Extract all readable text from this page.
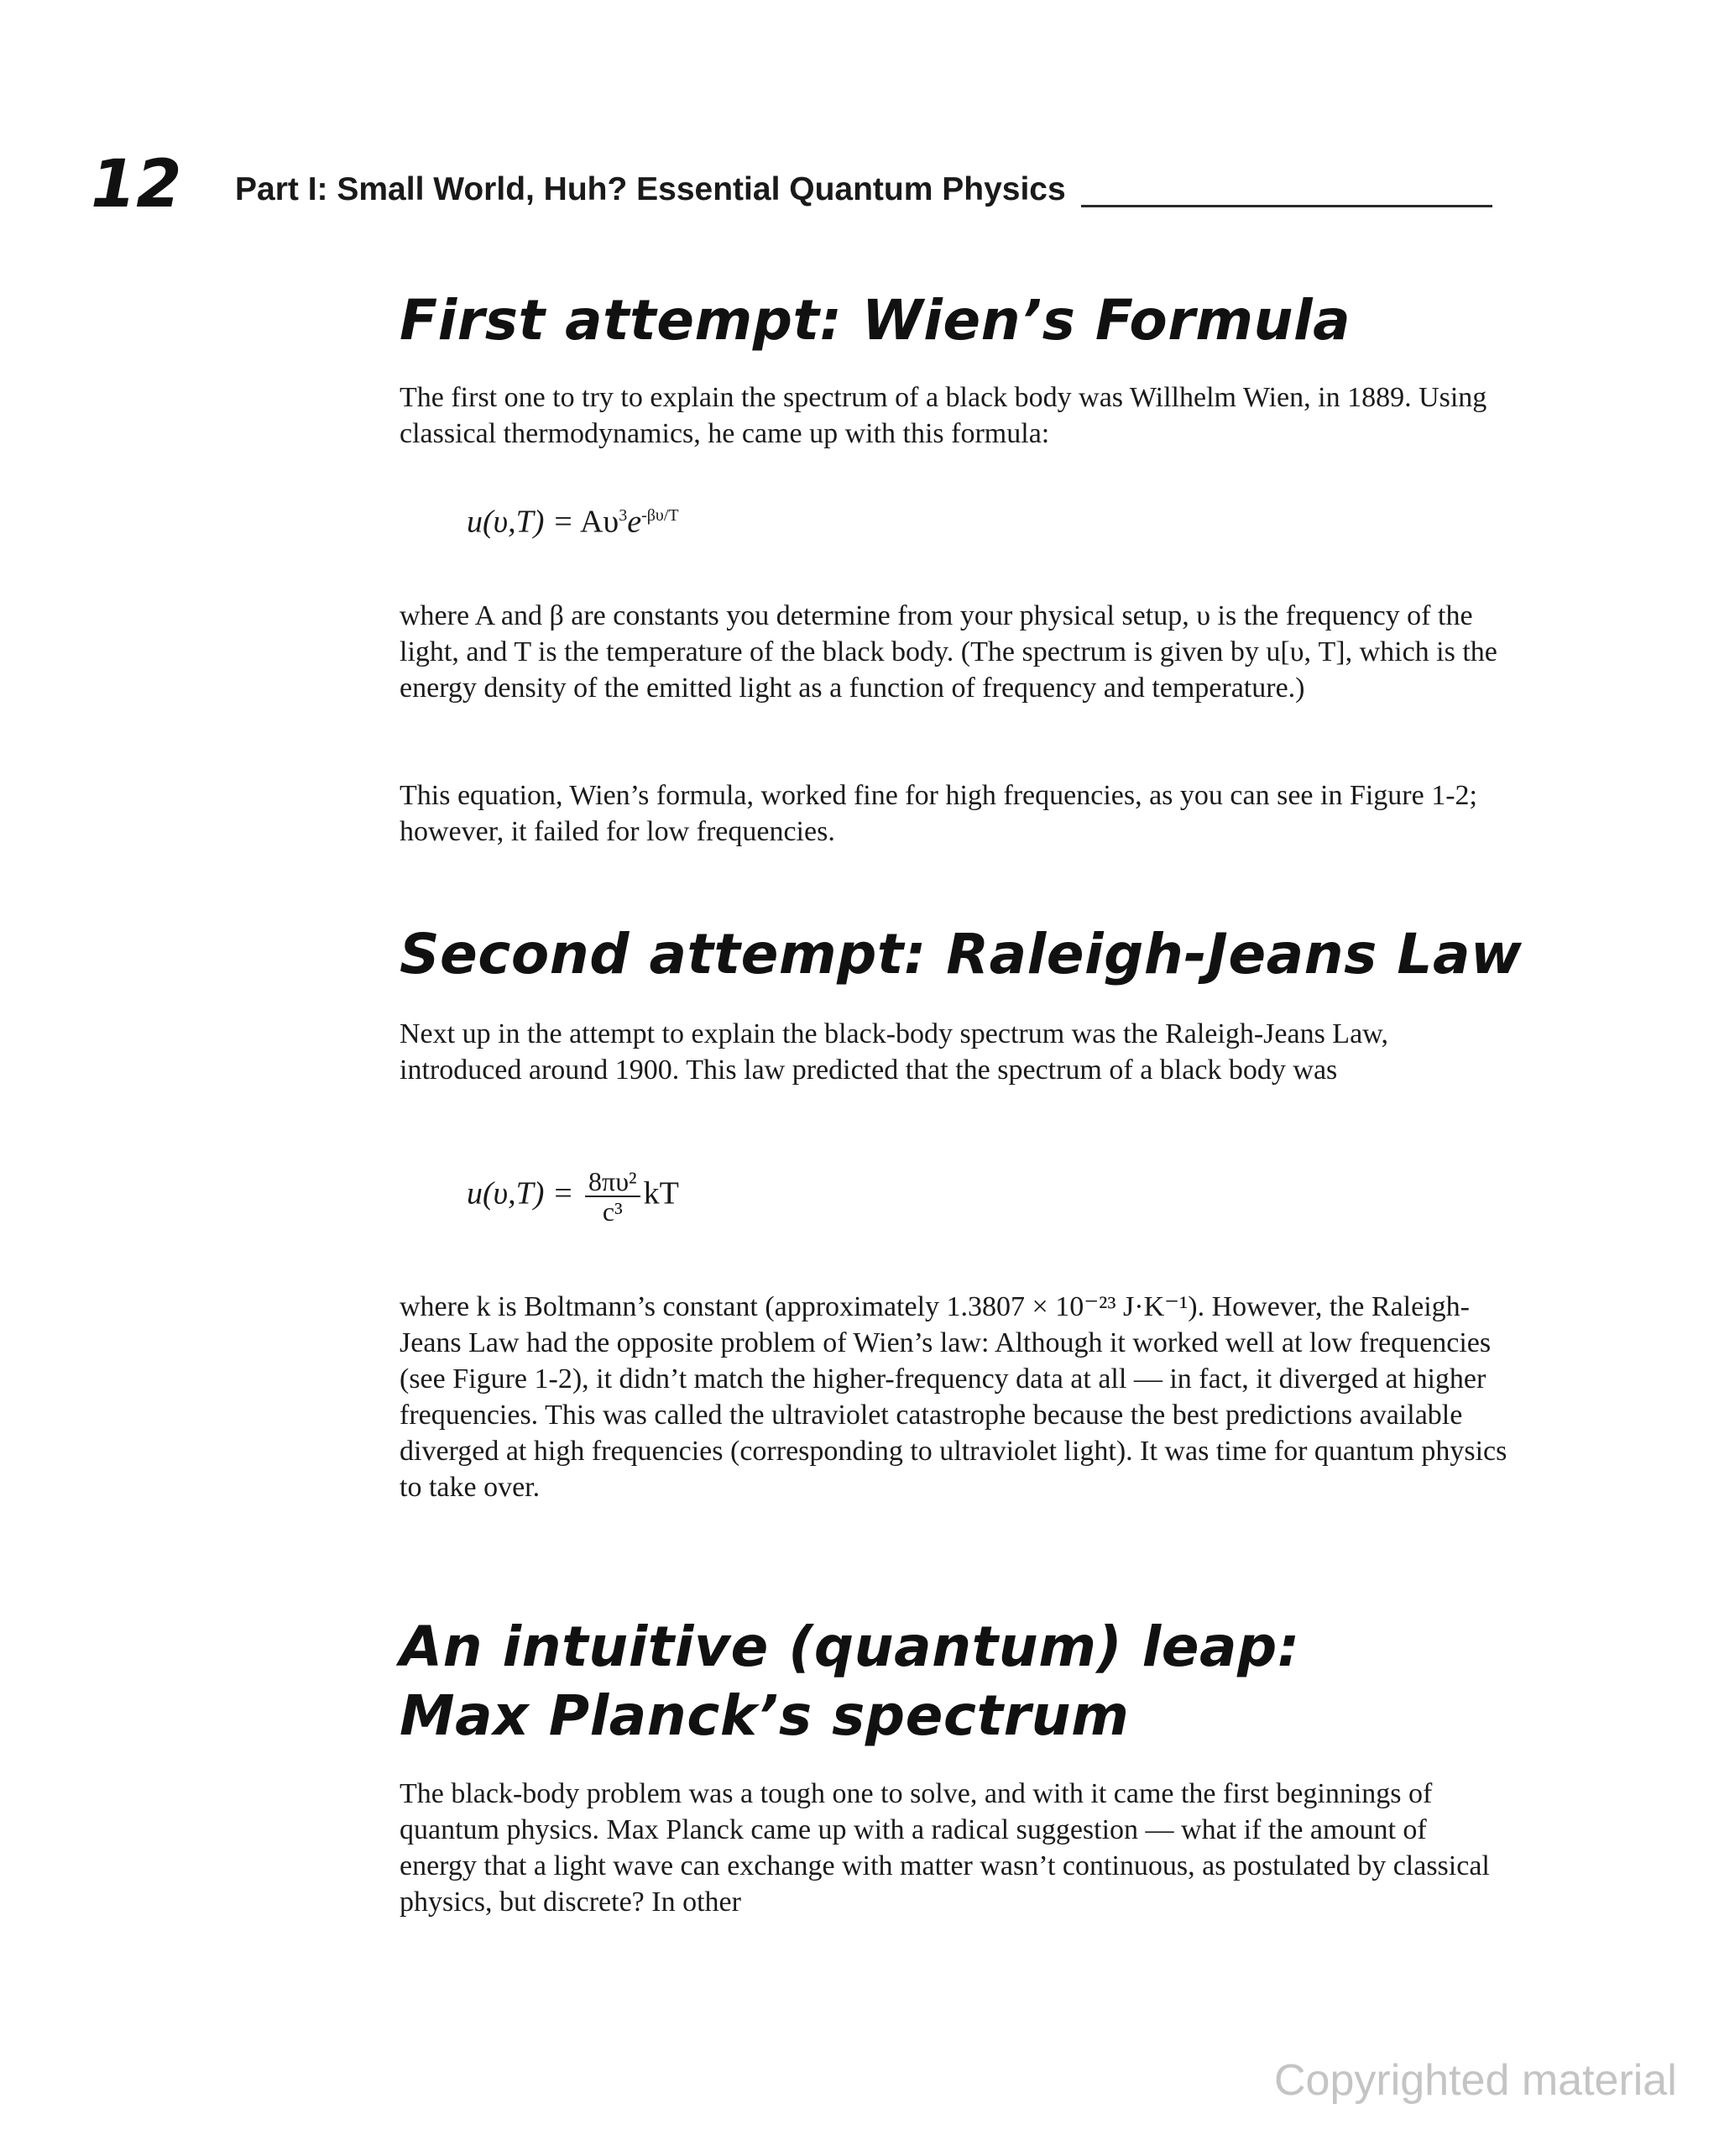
12 Part I: Small World, Huh? Essential Quantum Physics
First attempt: Wien’s Formula

The first one to try to explain the spectrum of a black body was Willhelm Wien, in 1889. Using classical thermodynamics, he came up with this formula:

$u(\upsilon,T) = A\upsilon^3e^{-\beta\upsilon/T}$

where A and β are constants you determine from your physical setup, υ is the frequency of the light, and T is the temperature of the black body. (The spectrum is given by u[υ, T], which is the energy density of the emitted light as a function of frequency and temperature.)

This equation, Wien’s formula, worked fine for high frequencies, as you can see in Figure 1-2; however, it failed for low frequencies.

Second attempt: Raleigh-Jeans Law

Next up in the attempt to explain the black-body spectrum was the Raleigh-Jeans Law, introduced around 1900. This law predicted that the spectrum of a black body was

$u(\upsilon,T) = \frac{\text{8πυ²}}{\text{c³}}$ kT

where k is Boltmann’s constant (approximately 1.3807 × 10⁻²³ J·K⁻¹). However, the Raleigh-Jeans Law had the opposite problem of Wien’s law: Although it worked well at low frequencies (see Figure 1-2), it didn’t match the higher-frequency data at all — in fact, it diverged at higher frequencies. This was called the ultraviolet catastrophe because the best predictions available diverged at high frequencies (corresponding to ultraviolet light). It was time for quantum physics to take over.

An intuitive (quantum) leap:
Max Planck’s spectrum

The black-body problem was a tough one to solve, and with it came the first beginnings of quantum physics. Max Planck came up with a radical suggestion — what if the amount of energy that a light wave can exchange with matter wasn’t continuous, as postulated by classical physics, but discrete? In other

Copyrighted material
